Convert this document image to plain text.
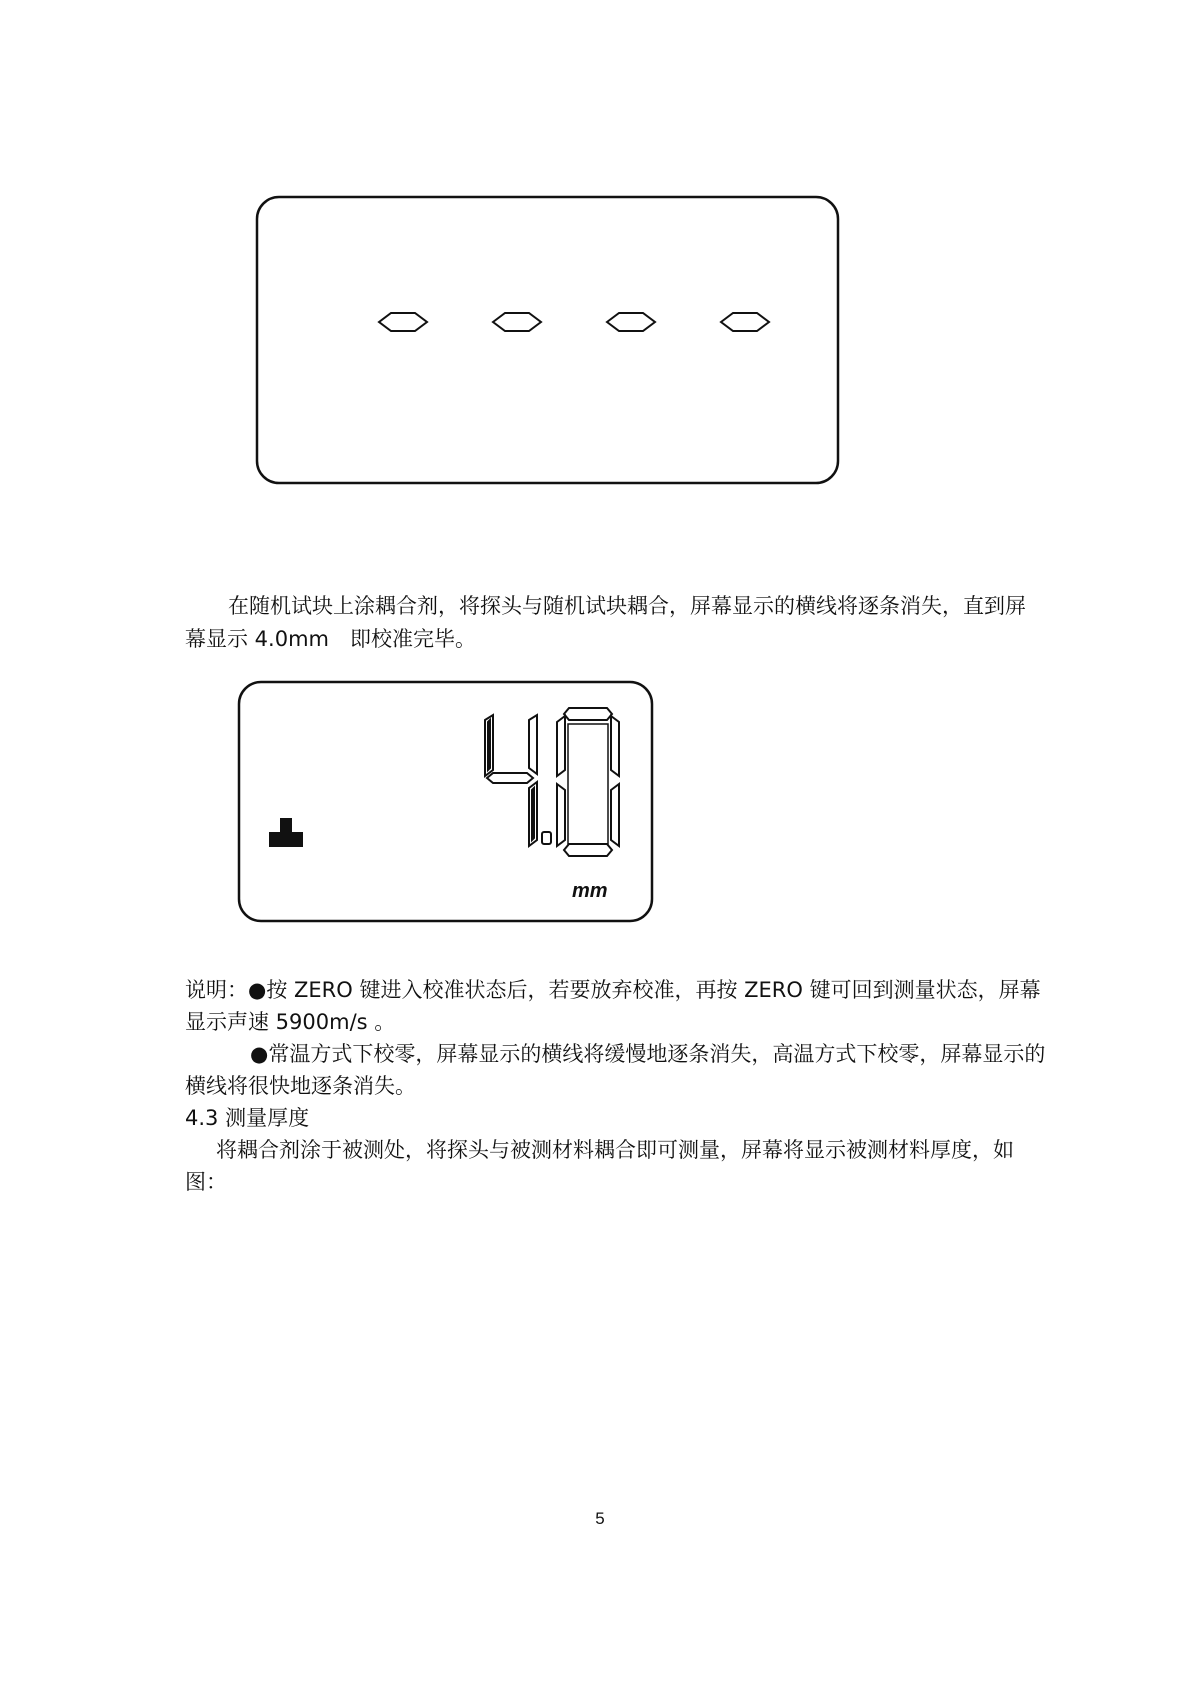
在随机试块上涂耦合剂，将探头与随机试块耦合，屏幕显示的横线将逐条消失，直到屏
幕显示 4.0mm　即校准完毕。
mm
说明：●按 ZERO 键进入校准状态后，若要放弃校准，再按 ZERO 键可回到测量状态，屏幕
显示声速 5900m/s 。
●常温方式下校零，屏幕显示的横线将缓慢地逐条消失，高温方式下校零，屏幕显示的
横线将很快地逐条消失。
4.3 测量厚度
将耦合剂涂于被测处，将探头与被测材料耦合即可测量，屏幕将显示被测材料厚度，如
图：
5
